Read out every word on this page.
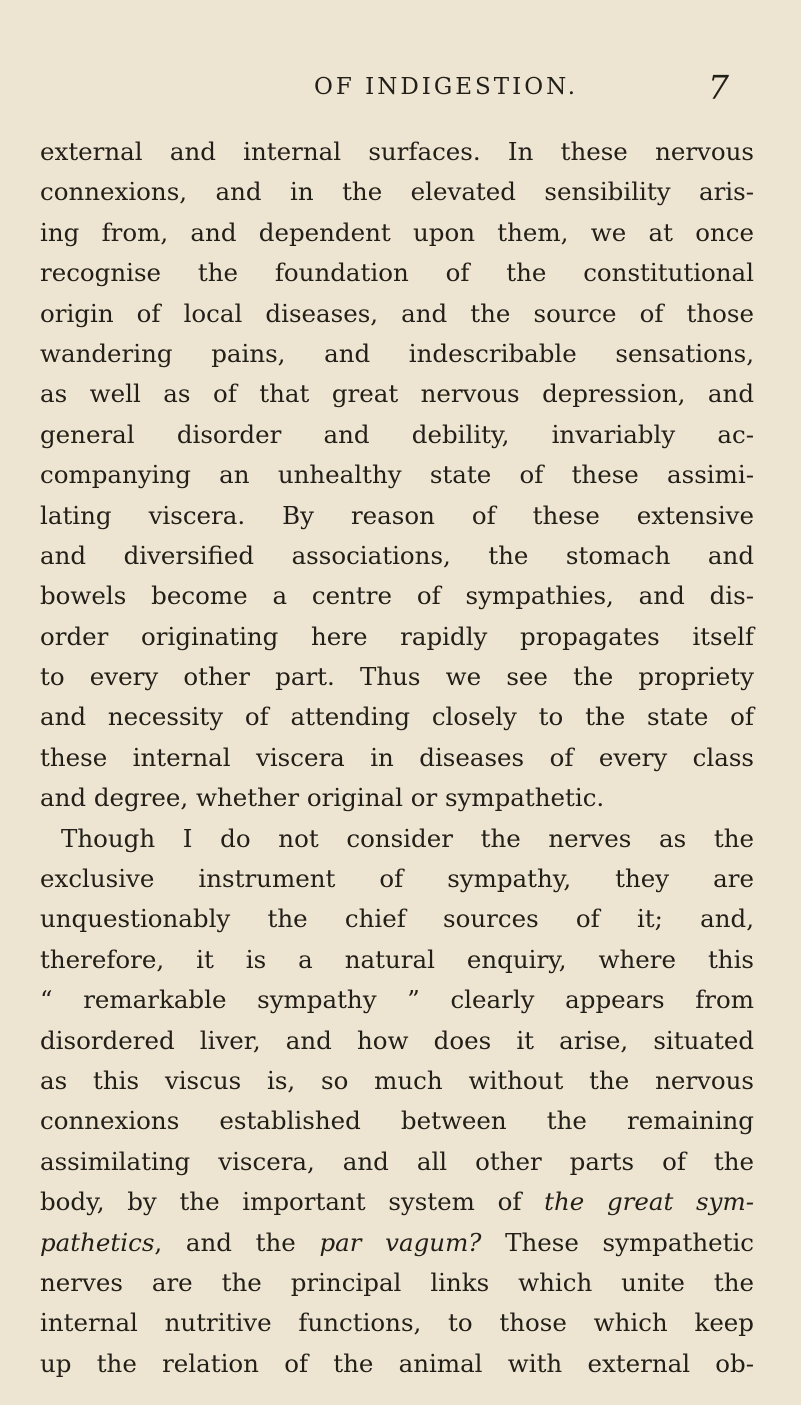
OF INDIGESTION.	7
external and internal surfaces. In these nervous
connexions, and in the elevated sensibility aris-
ing from, and dependent upon them, we at once
recognise the foundation of the constitutional
origin of local diseases, and the source of those
wandering pains, and indescribable sensations,
as well as of that great nervous depression, and
general disorder and debility, invariably ac-
companying an unhealthy state of these assimi-
lating viscera. By reason of these extensive
and diversified associations, the stomach and
bowels become a centre of sympathies, and dis-
order originating here rapidly propagates itself
to every other part. Thus we see the propriety
and necessity of attending closely to the state of
these internal viscera in diseases of every class
and degree, whether original or sympathetic.
Though I do not consider the nerves as the
exclusive instrument of sympathy, they are
unquestionably the chief sources of it; and,
therefore, it is a natural enquiry, where this
“ remarkable sympathy ” clearly appears from
disordered liver, and how does it arise, situated
as this viscus is, so much without the nervous
connexions established between the remaining
assimilating viscera, and all other parts of the
body, by the important system of the great sym-
pathetics, and the par vagum? These sympathetic
nerves are the principal links which unite the
internal nutritive functions, to those which keep
up the relation of the animal with external ob-
